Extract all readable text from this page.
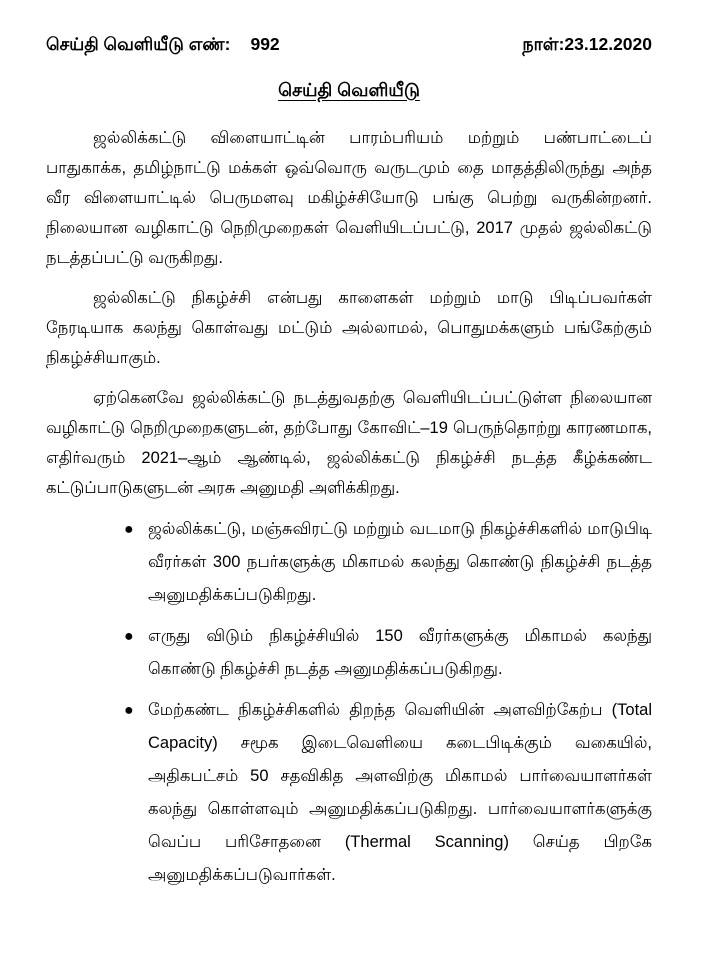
செய்தி வெளியீடு எண்: 992	நாள்:23.12.2020
செய்தி வெளியீடு

ஜல்லிக்கட்டு விளையாட்டின் பாரம்பரியம் மற்றும் பண்பாட்டைப் பாதுகாக்க, தமிழ்நாட்டு மக்கள் ஒவ்வொரு வருடமும் தை மாதத்திலிருந்து அந்த வீர விளையாட்டில் பெருமளவு மகிழ்ச்சியோடு பங்கு பெற்று வருகின்றனர். நிலையான வழிகாட்டு நெறிமுறைகள் வெளியிடப்பட்டு, 2017 முதல் ஜல்லிகட்டு நடத்தப்பட்டு வருகிறது.

ஜல்லிகட்டு நிகழ்ச்சி என்பது காளைகள் மற்றும் மாடு பிடிப்பவர்கள் நேரடியாக கலந்து கொள்வது மட்டும் அல்லாமல், பொதுமக்களும் பங்கேற்கும் நிகழ்ச்சியாகும்.

ஏற்கெனவே ஜல்லிக்கட்டு நடத்துவதற்கு வெளியிடப்பட்டுள்ள நிலையான வழிகாட்டு நெறிமுறைகளுடன், தற்போது கோவிட்–19 பெருந்தொற்று காரணமாக, எதிர்வரும் 2021–ஆம் ஆண்டில், ஜல்லிக்கட்டு நிகழ்ச்சி நடத்த கீழ்க்கண்ட கட்டுப்பாடுகளுடன் அரசு அனுமதி அளிக்கிறது.

● ஜல்லிக்கட்டு, மஞ்சுவிரட்டு மற்றும் வடமாடு நிகழ்ச்சிகளில் மாடுபிடி வீரர்கள் 300 நபர்களுக்கு மிகாமல் கலந்து கொண்டு நிகழ்ச்சி நடத்த அனுமதிக்கப்படுகிறது.
● எருது விடும் நிகழ்ச்சியில் 150 வீரர்களுக்கு மிகாமல் கலந்து கொண்டு நிகழ்ச்சி நடத்த அனுமதிக்கப்படுகிறது.
● மேற்கண்ட நிகழ்ச்சிகளில் திறந்த வெளியின் அளவிற்கேற்ப (Total Capacity) சமூக இடைவெளியை கடைபிடிக்கும் வகையில், அதிகபட்சம் 50 சதவிகித அளவிற்கு மிகாமல் பார்வையாளர்கள் கலந்து கொள்ளவும் அனுமதிக்கப்படுகிறது. பார்வையாளர்களுக்கு வெப்ப பரிசோதனை (Thermal Scanning) செய்த பிறகே அனுமதிக்கப்படுவார்கள்.
